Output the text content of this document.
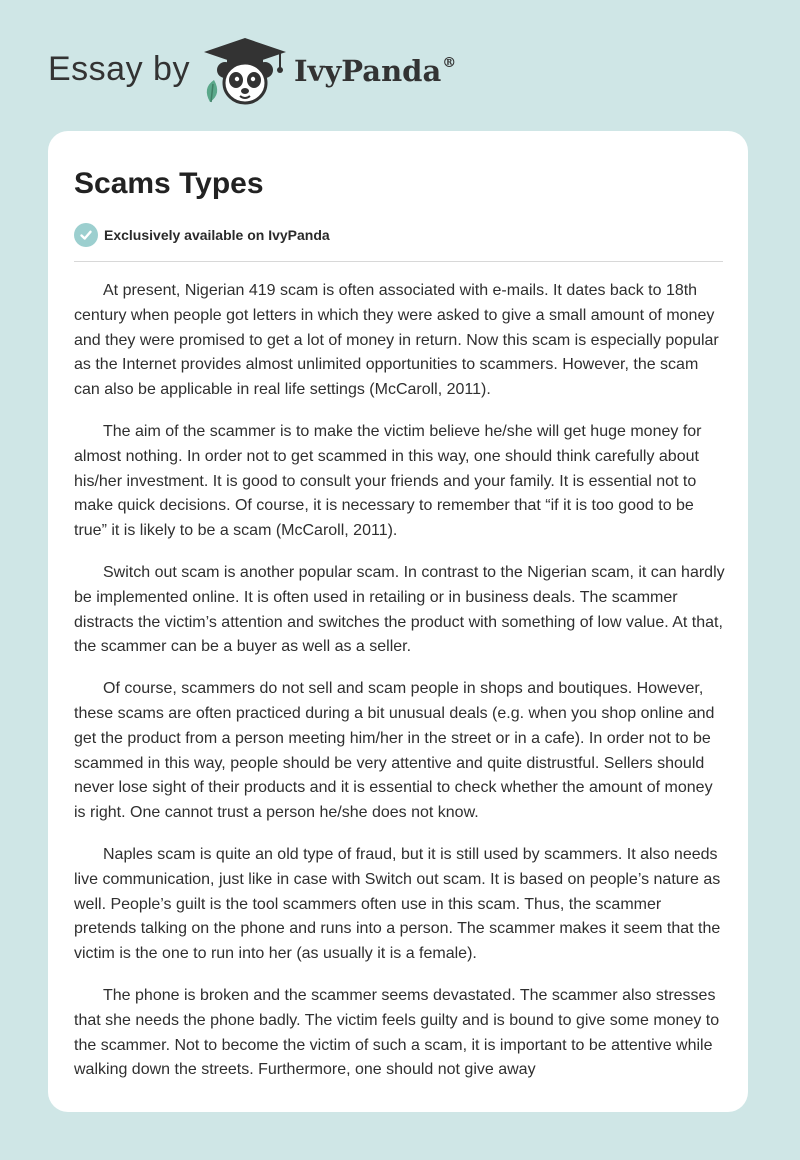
Essay by	IvyPanda®
Scams Types
Exclusively available on IvyPanda

At present, Nigerian 419 scam is often associated with e-mails. It dates back to 18th century when people got letters in which they were asked to give a small amount of money and they were promised to get a lot of money in return. Now this scam is especially popular as the Internet provides almost unlimited opportunities to scammers. However, the scam can also be applicable in real life settings (McCaroll, 2011).

The aim of the scammer is to make the victim believe he/she will get huge money for almost nothing. In order not to get scammed in this way, one should think carefully about his/her investment. It is good to consult your friends and your family. It is essential not to make quick decisions. Of course, it is necessary to remember that “if it is too good to be true” it is likely to be a scam (McCaroll, 2011).

Switch out scam is another popular scam. In contrast to the Nigerian scam, it can hardly be implemented online. It is often used in retailing or in business deals. The scammer distracts the victim’s attention and switches the product with something of low value. At that, the scammer can be a buyer as well as a seller.

Of course, scammers do not sell and scam people in shops and boutiques. However, these scams are often practiced during a bit unusual deals (e.g. when you shop online and get the product from a person meeting him/her in the street or in a cafe). In order not to be scammed in this way, people should be very attentive and quite distrustful. Sellers should never lose sight of their products and it is essential to check whether the amount of money is right. One cannot trust a person he/she does not know.

Naples scam is quite an old type of fraud, but it is still used by scammers. It also needs live communication, just like in case with Switch out scam. It is based on people’s nature as well. People’s guilt is the tool scammers often use in this scam. Thus, the scammer pretends talking on the phone and runs into a person. The scammer makes it seem that the victim is the one to run into her (as usually it is a female).

The phone is broken and the scammer seems devastated. The scammer also stresses that she needs the phone badly. The victim feels guilty and is bound to give some money to the scammer. Not to become the victim of such a scam, it is important to be attentive while walking down the streets. Furthermore, one should not give away
